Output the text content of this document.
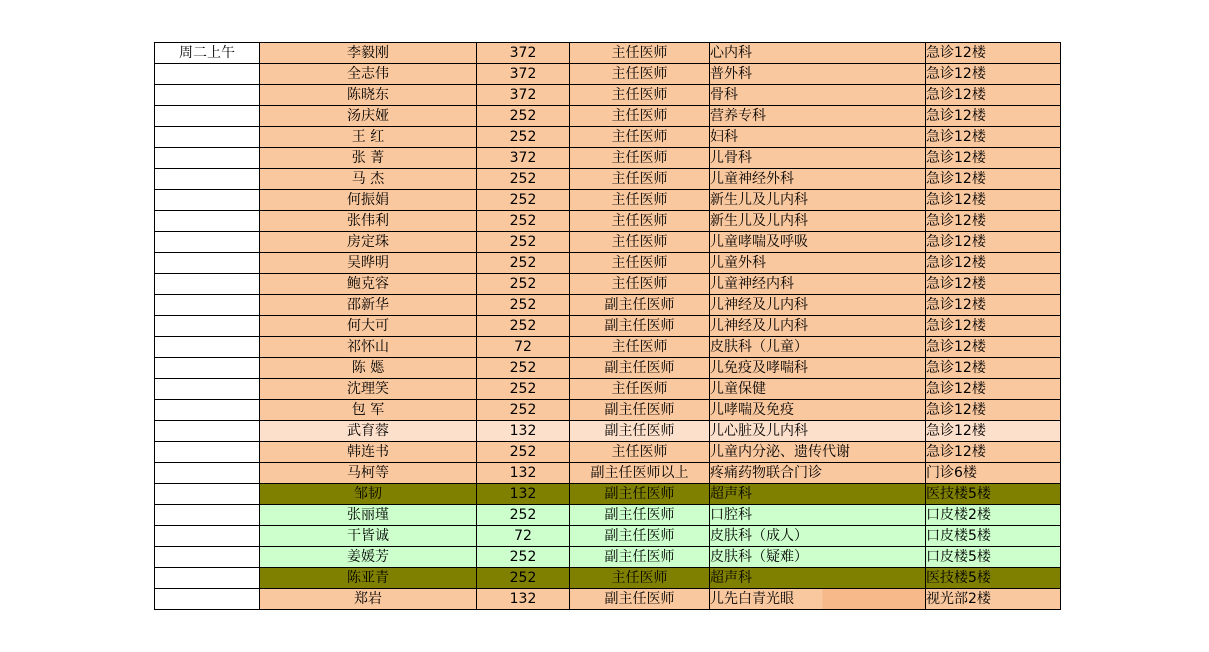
周二上午	李毅刚	372	主任医师	心内科	急诊12楼
	全志伟	372	主任医师	普外科	急诊12楼
	陈晓东	372	主任医师	骨科	急诊12楼
	汤庆娅	252	主任医师	营养专科	急诊12楼
	王 红	252	主任医师	妇科	急诊12楼
	张 菁	372	主任医师	儿骨科	急诊12楼
	马 杰	252	主任医师	儿童神经外科	急诊12楼
	何振娟	252	主任医师	新生儿及儿内科	急诊12楼
	张伟利	252	主任医师	新生儿及儿内科	急诊12楼
	房定珠	252	主任医师	儿童哮喘及呼吸	急诊12楼
	吴晔明	252	主任医师	儿童外科	急诊12楼
	鲍克容	252	主任医师	儿童神经内科	急诊12楼
	邵新华	252	副主任医师	儿神经及儿内科	急诊12楼
	何大可	252	副主任医师	儿神经及儿内科	急诊12楼
	祁怀山	72	主任医师	皮肤科（儿童）	急诊12楼
	陈 嫕	252	副主任医师	儿免疫及哮喘科	急诊12楼
	沈理笑	252	主任医师	儿童保健	急诊12楼
	包 军	252	副主任医师	儿哮喘及免疫	急诊12楼
	武育蓉	132	副主任医师	儿心脏及儿内科	急诊12楼
	韩连书	252	主任医师	儿童内分泌、遗传代谢	急诊12楼
	马柯等	132	副主任医师以上	疼痛药物联合门诊	门诊6楼
	邹韧	132	副主任医师	超声科	医技楼5楼
	张丽瑾	252	副主任医师	口腔科	口皮楼2楼
	干皆诚	72	副主任医师	皮肤科（成人）	口皮楼5楼
	姜媛芳	252	副主任医师	皮肤科（疑难）	口皮楼5楼
	陈亚青	252	主任医师	超声科	医技楼5楼
	郑岩	132	副主任医师	儿先白青光眼	视光部2楼
